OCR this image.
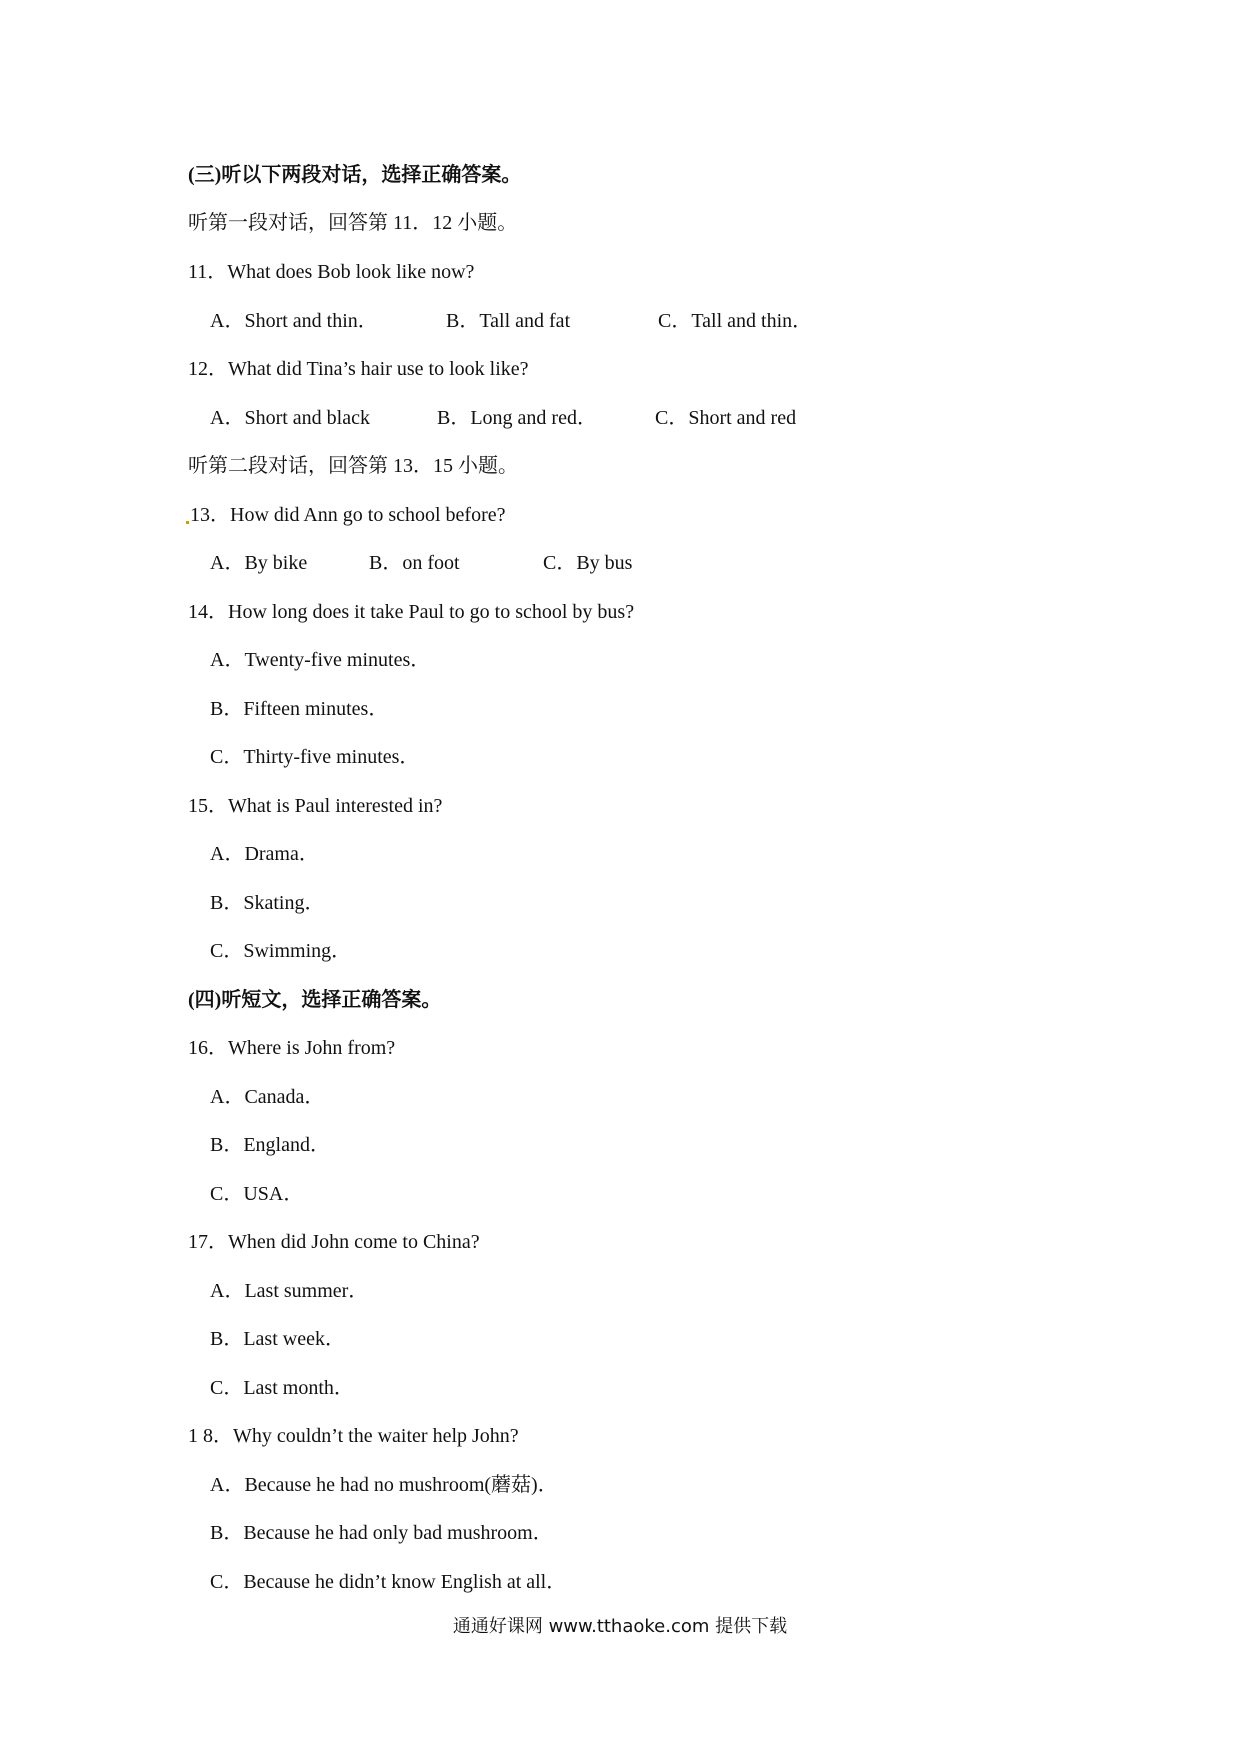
(三)听以下两段对话，选择正确答案。
听第一段对话，回答第 11．12 小题。
11．What does Bob look like now?
A．Short and thin．	B．Tall and fat	C．Tall and thin．
12．What did Tina’s hair use to look like?
A．Short and black	B．Long and red．	C．Short and red
听第二段对话，回答第 13．15 小题。
13．How did Ann go to school before?
A．By bike	B．on foot	C．By bus
14．How long does it take Paul to go to school by bus?
A．Twenty-five minutes．
B．Fifteen minutes．
C．Thirty-five minutes．
15．What is Paul interested in?
A．Drama．
B．Skating．
C．Swimming．
(四)听短文，选择正确答案。
16．Where is John from?
A．Canada．
B．England．
C．USA．
17．When did John come to China?
A．Last summer．
B．Last week．
C．Last month．
1 8．Why couldn’t the waiter help John?
A．Because he had no mushroom(蘑菇)．
B．Because he had only bad mushroom．
C．Because he didn’t know English at all．
通通好课网 www.tthaoke.com 提供下载
